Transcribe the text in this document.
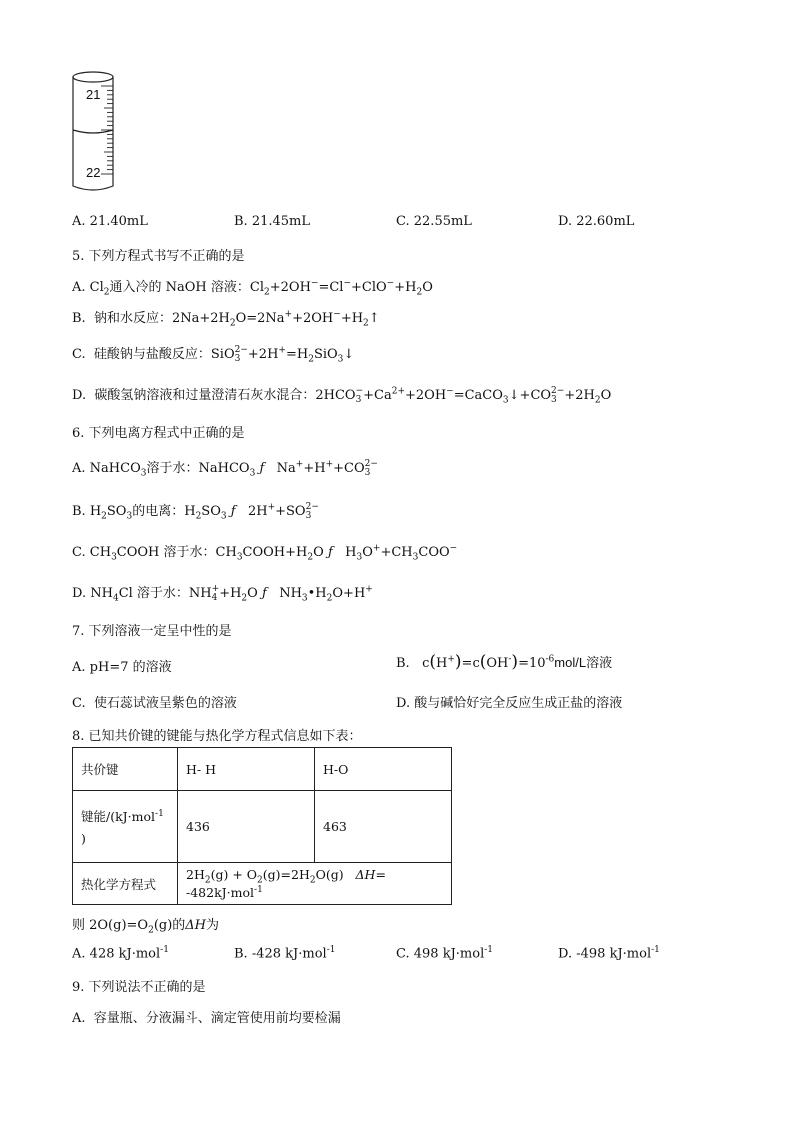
21
22
A. 21.40mL	B. 21.45mL	C. 22.55mL	D. 22.60mL
5. 下列方程式书写不正确的是
A. $Cl_2$通入冷的 NaOH 溶液：$Cl_2+2OH^-=Cl^-+ClO^-+H_2O$
B. 钠和水反应：$2Na+2H_2O=2Na^++2OH^-+H_2↑$
C. 硅酸钠与盐酸反应：SiO2−
$3 +2H^+=H_2SiO_3↓$
D. 碳酸氢钠溶液和过量澄清石灰水混合：2HCO−
$3 +Ca^{2+}+2OH^-=CaCO_3↓+CO2-$
$3 +2H_2O$
6. 下列电离方程式中正确的是
A. NaHCO$_3$溶于水：NaHCO$_3$ ƒ Na++H++CO2−
3
B. $H_2SO_3$的电离：$H_2SO_3$ ƒ 2H++SO2−
3
C. $CH_3COOH$ 溶于水：$CH_3COOH+H_2O$ ƒ $H_3O^++CH_3COO^-$
D. $NH_4Cl$ 溶于水：NH+
$4 +H_2O$ ƒ $NH_3•H_2O+H^+$
7. 下列溶液一定呈中性的是
A. pH=7 的溶液	B. $c(H^+)=c(OH^-)=10^{-6}mol/L$溶液
C. 使石蕊试液呈紫色的溶液	D. 酸与碱恰好完全反应生成正盐的溶液
8. 已知共价键的键能与热化学方程式信息如下表：
共价键	H- H	H-O
键能/(kJ·mol$^{-1}$
)	436	463
热化学方程式	$2H_2(g) + O_2(g)=2H_2O(g)$ ΔH= -482kJ·mol$^{-1}$
则 $2O(g)=O_2(g)$的ΔH为
A. 428 kJ·mol$^{-1}$	B. -428 kJ·mol$^{-1}$	C. 498 kJ·mol$^{-1}$	D. -498 kJ·mol$^{-1}$
9. 下列说法不正确的是
A. 容量瓶、分液漏斗、滴定管使用前均要检漏
